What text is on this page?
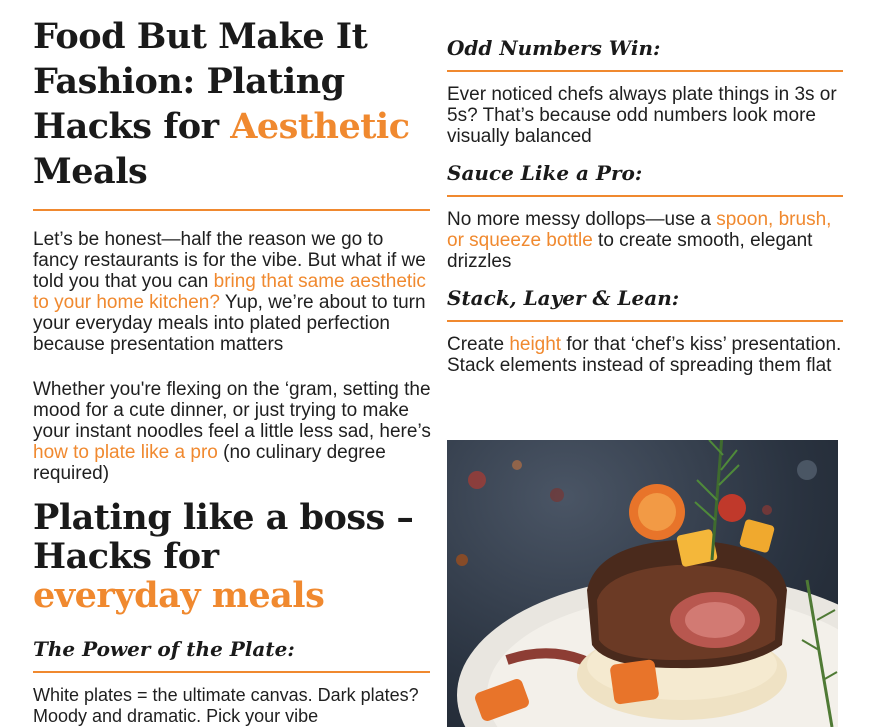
Food But Make It Fashion: Plating Hacks for Aesthetic Meals

Let’s be honest—half the reason we go to fancy restaurants is for the vibe. But what if we told you that you can bring that same aesthetic to your home kitchen? Yup, we’re about to turn your everyday meals into plated perfection because presentation matters

Whether you're flexing on the ‘gram, setting the mood for a cute dinner, or just trying to make your instant noodles feel a little less sad, here’s how to plate like a pro (no culinary degree required)

Plating like a boss –
Hacks for
everyday meals
The Power of the Plate:

White plates = the ultimate canvas. Dark plates? Moody and dramatic. Pick your vibe

Odd Numbers Win:

Ever noticed chefs always plate things in 3s or 5s? That’s because odd numbers look more visually balanced

Sauce Like a Pro:

No more messy dollops—use a spoon, brush, or squeeze bottle to create smooth, elegant drizzles

Stack, Layer & Lean:

Create height for that ‘chef’s kiss’ presentation. Stack elements instead of spreading them flat
